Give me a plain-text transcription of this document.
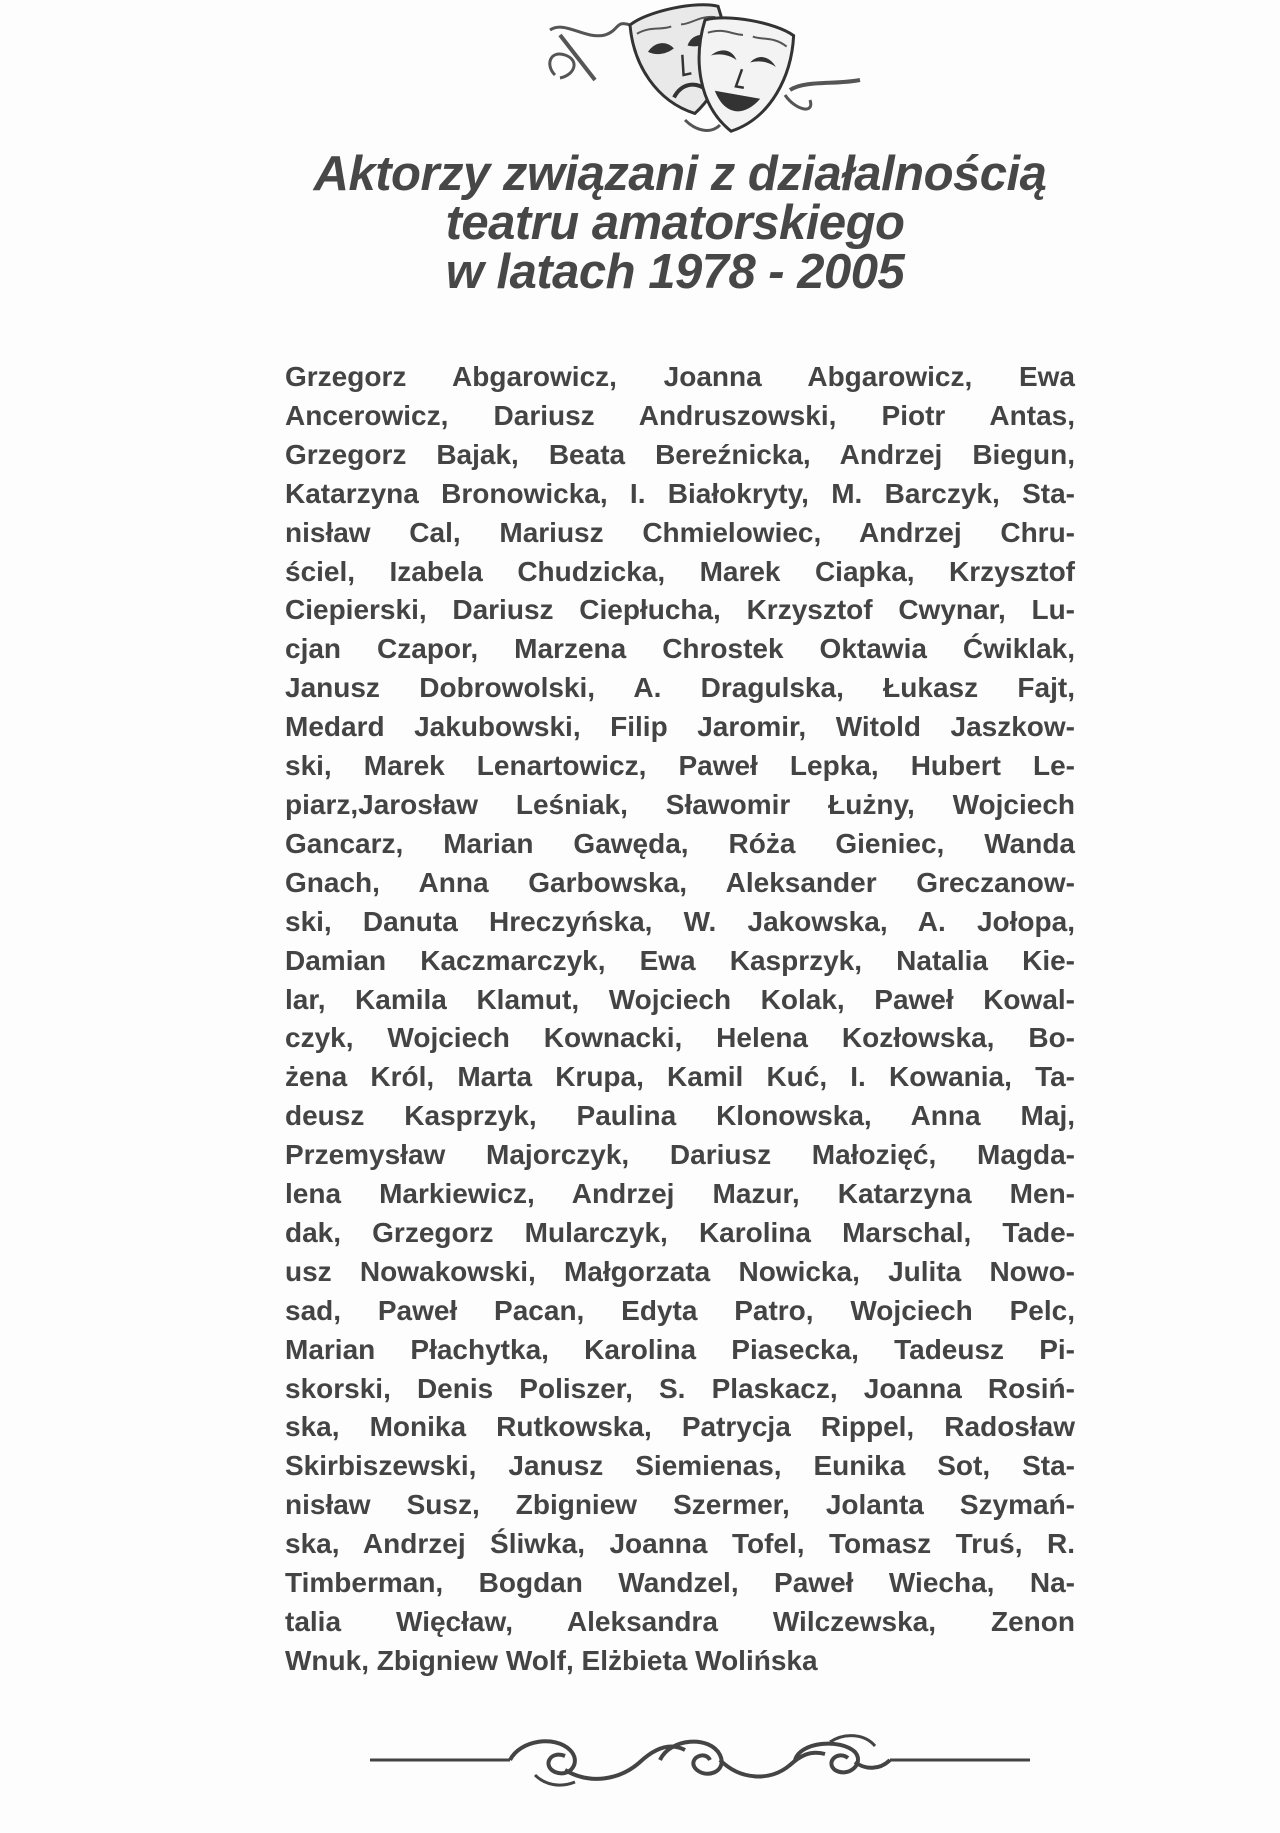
Aktorzy związani z działalnością
teatru amatorskiego
w latach 1978 - 2005
Grzegorz Abgarowicz, Joanna Abgarowicz, Ewa
Ancerowicz, Dariusz Andruszowski, Piotr Antas,
Grzegorz Bajak, Beata Bereźnicka, Andrzej Biegun,
Katarzyna Bronowicka, I. Białokryty, M. Barczyk, Sta-
nisław Cal, Mariusz Chmielowiec, Andrzej Chru-
ściel, Izabela Chudzicka, Marek Ciapka, Krzysztof
Ciepierski, Dariusz Ciepłucha, Krzysztof Cwynar, Lu-
cjan Czapor, Marzena Chrostek Oktawia Ćwiklak,
Janusz Dobrowolski, A. Dragulska, Łukasz Fajt,
Medard Jakubowski, Filip Jaromir, Witold Jaszkow-
ski, Marek Lenartowicz, Paweł Lepka, Hubert Le-
piarz,Jarosław Leśniak, Sławomir Łużny, Wojciech
Gancarz, Marian Gawęda, Róża Gieniec, Wanda
Gnach, Anna Garbowska, Aleksander Greczanow-
ski, Danuta Hreczyńska, W. Jakowska, A. Jołopa,
Damian Kaczmarczyk, Ewa Kasprzyk, Natalia Kie-
lar, Kamila Klamut, Wojciech Kolak, Paweł Kowal-
czyk, Wojciech Kownacki, Helena Kozłowska, Bo-
żena Król, Marta Krupa, Kamil Kuć, I. Kowania, Ta-
deusz Kasprzyk, Paulina Klonowska, Anna Maj,
Przemysław Majorczyk, Dariusz Małozięć, Magda-
lena Markiewicz, Andrzej Mazur, Katarzyna Men-
dak, Grzegorz Mularczyk, Karolina Marschal, Tade-
usz Nowakowski, Małgorzata Nowicka, Julita Nowo-
sad, Paweł Pacan, Edyta Patro, Wojciech Pelc,
Marian Płachytka, Karolina Piasecka, Tadeusz Pi-
skorski, Denis Poliszer, S. Plaskacz, Joanna Rosiń-
ska, Monika Rutkowska, Patrycja Rippel, Radosław
Skirbiszewski, Janusz Siemienas, Eunika Sot, Sta-
nisław Susz, Zbigniew Szermer, Jolanta Szymań-
ska, Andrzej Śliwka, Joanna Tofel, Tomasz Truś, R.
Timberman, Bogdan Wandzel, Paweł Wiecha, Na-
talia Więcław, Aleksandra Wilczewska, Zenon
Wnuk, Zbigniew Wolf, Elżbieta Wolińska
